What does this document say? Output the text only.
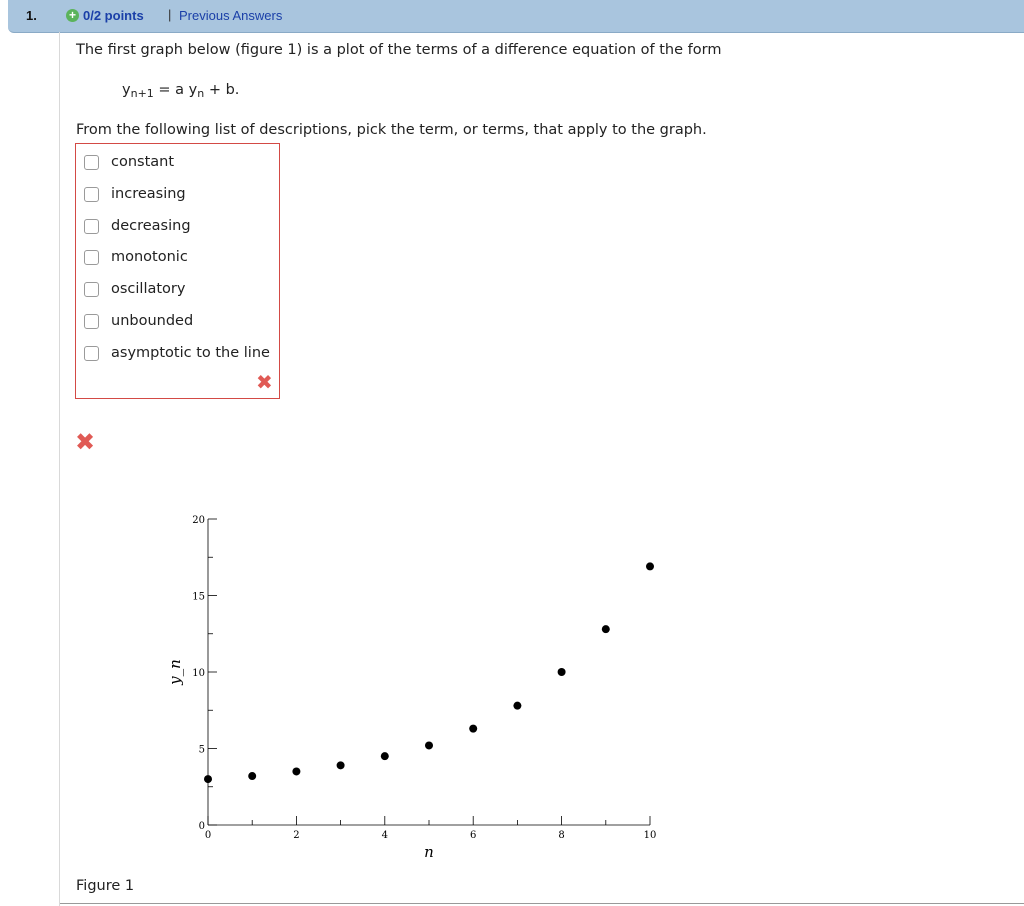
1.	+ 0/2 points | Previous Answers
The first graph below (figure 1) is a plot of the terms of a difference equation of the form
$y_{n+1} = a$ $y_n + b$.
From the following list of descriptions, pick the term, or terms, that apply to the graph.
constant
increasing
decreasing
monotonic
oscillatory
unbounded
asymptotic to the line
✖
✖
0	2	4	6	8	10
0
5
10
15
20
n
y_n
Figure 1
